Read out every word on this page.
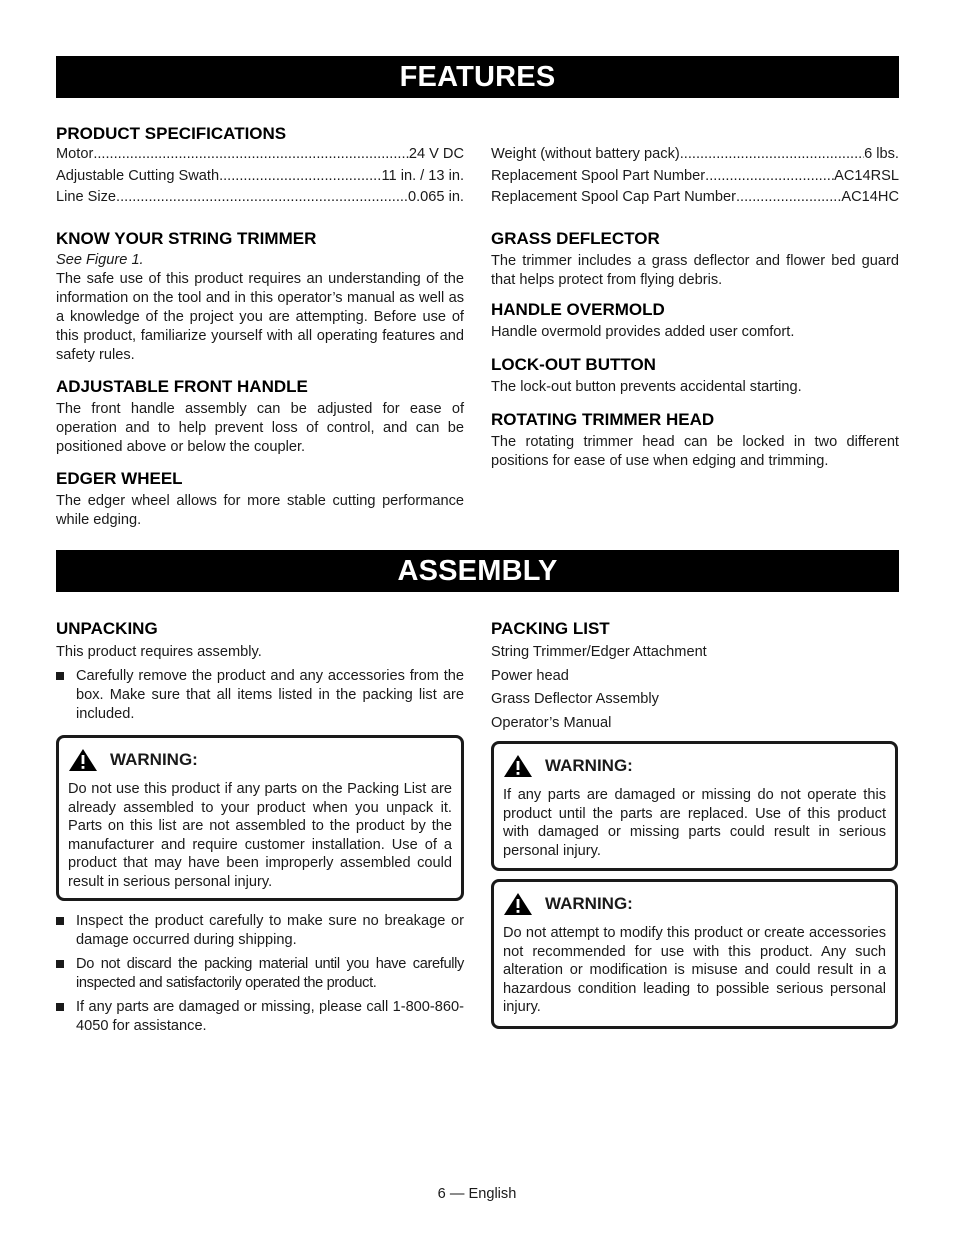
FEATURES
PRODUCT SPECIFICATIONS
Motor .....	24 V DC
Adjustable Cutting Swath .....	11 in. / 13 in.
Line Size .....	0.065 in.
Weight (without battery pack) .....	6 lbs.
Replacement Spool Part Number .....	AC14RSL
Replacement Spool Cap Part Number .....	AC14HC
KNOW YOUR STRING TRIMMER
See Figure 1.
The safe use of this product requires an understanding of the information on the tool and in this operator’s manual as well as a knowledge of the project you are attempting. Before use of this product, familiarize yourself with all operating features and safety rules.
ADJUSTABLE FRONT HANDLE
The front handle assembly can be adjusted for ease of operation and to help prevent loss of control, and can be positioned above or below the coupler.
EDGER WHEEL
The edger wheel allows for more stable cutting performance while edging.
GRASS DEFLECTOR
The trimmer includes a grass deflector and flower bed guard that helps protect from flying debris.
HANDLE OVERMOLD
Handle overmold provides added user comfort.
LOCK-OUT BUTTON
The lock-out button prevents accidental starting.
ROTATING TRIMMER HEAD
The rotating trimmer head can be locked in two different positions for ease of use when edging and trimming.
ASSEMBLY
UNPACKING
This product requires assembly.
Carefully remove the product and any accessories from the box. Make sure that all items listed in the packing list are included.
WARNING:
Do not use this product if any parts on the Packing List are already assembled to your product when you unpack it. Parts on this list are not assembled to the product by the manufacturer and require customer installation. Use of a product that may have been improperly assembled could result in serious personal injury.
Inspect the product carefully to make sure no breakage or damage occurred during shipping.
Do not discard the packing material until you have carefully inspected and satisfactorily operated the product.
If any parts are damaged or missing, please call 1-800-860-4050 for assistance.
PACKING LIST
String Trimmer/Edger Attachment
Power head
Grass Deflector Assembly
Operator’s Manual
WARNING:
If any parts are damaged or missing do not operate this product until the parts are replaced. Use of this product with damaged or missing parts could result in serious personal injury.
WARNING:
Do not attempt to modify this product or create accessories not recommended for use with this product. Any such alteration or modification is misuse and could result in a hazardous condition leading to possible serious personal injury.
6 — English
